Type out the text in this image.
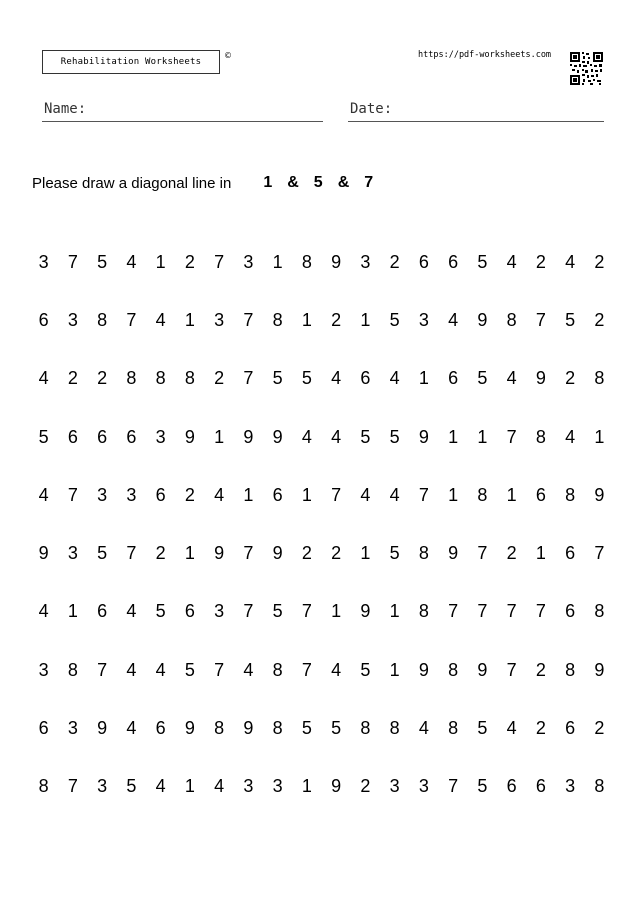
Rehabilitation Worksheets
©	https://pdf-worksheets.com
Name:	Date:
Please draw a diagonal line in 1 & 5 & 7
3	7	5	4	1	2	7	3	1	8	9	3	2	6	6	5	4	2	4	2
6	3	8	7	4	1	3	7	8	1	2	1	5	3	4	9	8	7	5	2
4	2	2	8	8	8	2	7	5	5	4	6	4	1	6	5	4	9	2	8
5	6	6	6	3	9	1	9	9	4	4	5	5	9	1	1	7	8	4	1
4	7	3	3	6	2	4	1	6	1	7	4	4	7	1	8	1	6	8	9
9	3	5	7	2	1	9	7	9	2	2	1	5	8	9	7	2	1	6	7
4	1	6	4	5	6	3	7	5	7	1	9	1	8	7	7	7	7	6	8
3	8	7	4	4	5	7	4	8	7	4	5	1	9	8	9	7	2	8	9
6	3	9	4	6	9	8	9	8	5	5	8	8	4	8	5	4	2	6	2
8	7	3	5	4	1	4	3	3	1	9	2	3	3	7	5	6	6	3	8
